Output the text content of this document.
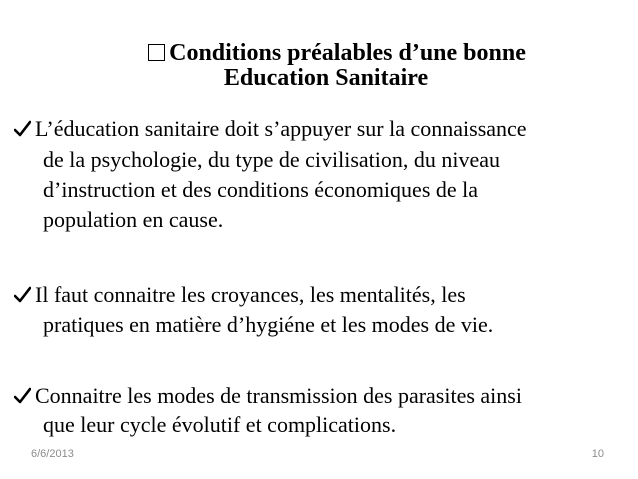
Conditions préalables d’une bonne
Education Sanitaire
L’éducation sanitaire doit s’appuyer sur la connaissance
de la psychologie, du type de civilisation, du niveau
d’instruction et des conditions économiques de la
population en cause.
Il faut connaitre les croyances, les mentalités, les
pratiques en matière d’hygiéne et les modes de vie.
Connaitre les modes de transmission des parasites ainsi
que leur cycle évolutif et complications.
6/6/2013	10
